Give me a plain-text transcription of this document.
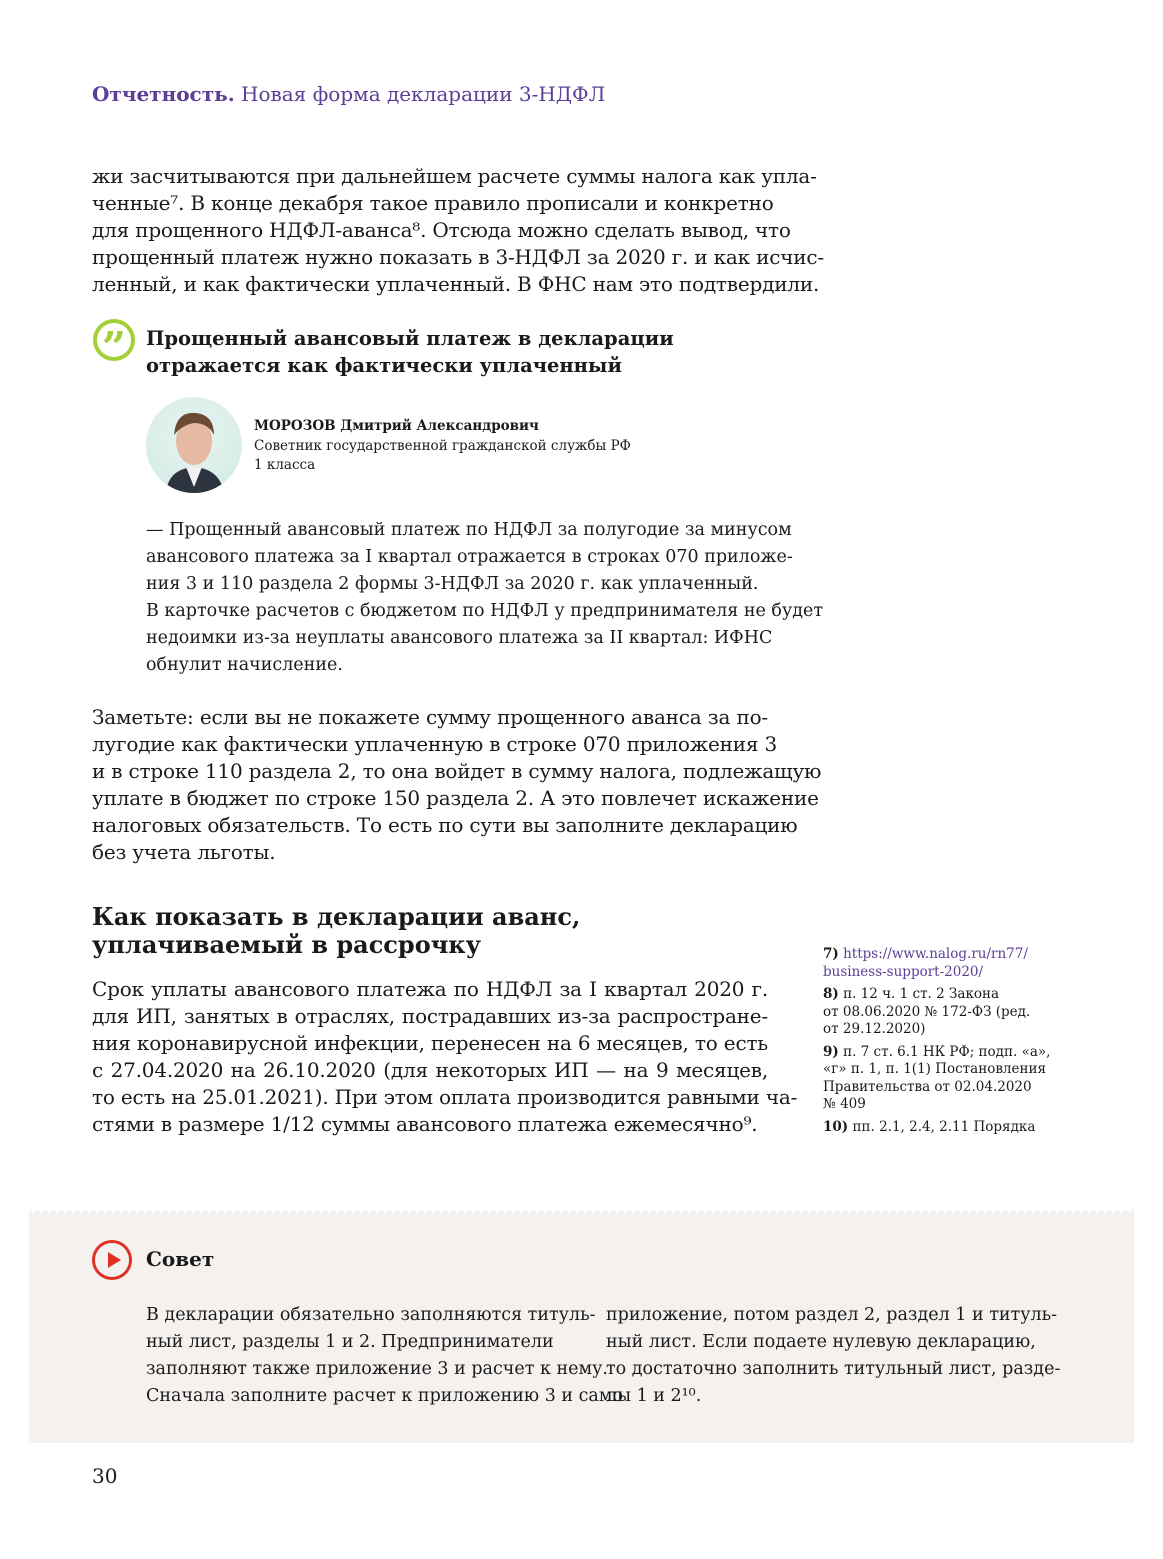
Отчетность. Новая форма декларации 3-НДФЛ
жи засчитываются при дальнейшем расчете суммы налога как упла-
ченные⁷. В конце декабря такое правило прописали и конкретно
для прощенного НДФЛ-аванса⁸. Отсюда можно сделать вывод, что
прощенный платеж нужно показать в 3-НДФЛ за 2020 г. и как исчис-
ленный, и как фактически уплаченный. В ФНС нам это подтвердили.
”	Прощенный авансовый платеж в декларации
отражается как фактически уплаченный
МОРОЗОВ Дмитрий Александрович
Советник государственной гражданской службы РФ
1 класса
— Прощенный авансовый платеж по НДФЛ за полугодие за минусом
авансового платежа за I квартал отражается в строках 070 приложе-
ния 3 и 110 раздела 2 формы 3-НДФЛ за 2020 г. как уплаченный.
В карточке расчетов с бюджетом по НДФЛ у предпринимателя не будет
недоимки из-за неуплаты авансового платежа за II квартал: ИФНС
обнулит начисление.
Заметьте: если вы не покажете сумму прощенного аванса за по-
лугодие как фактически уплаченную в строке 070 приложения 3
и в строке 110 раздела 2, то она войдет в сумму налога, подлежащую
уплате в бюджет по строке 150 раздела 2. А это повлечет искажение
налоговых обязательств. То есть по сути вы заполните декларацию
без учета льготы.
Как показать в декларации аванс,
уплачиваемый в рассрочку
Срок уплаты авансового платежа по НДФЛ за I квартал 2020 г.
для ИП, занятых в отраслях, пострадавших из-за распростране-
ния коронавирусной инфекции, перенесен на 6 месяцев, то есть
с 27.04.2020 на 26.10.2020 (для некоторых ИП — на 9 месяцев,
то есть на 25.01.2021). При этом оплата производится равными ча-
стями в размере 1/12 суммы авансового платежа ежемесячно⁹.
7) https://www.nalog.ru/rn77/
business-support-2020/
8) п. 12 ч. 1 ст. 2 Закона
от 08.06.2020 № 172-ФЗ (ред.
от 29.12.2020)
9) п. 7 ст. 6.1 НК РФ; подп. «а»,
«г» п. 1, п. 1(1) Постановления
Правительства от 02.04.2020
№ 409
10) пп. 2.1, 2.4, 2.11 Порядка
Совет
В декларации обязательно заполняются титуль-
ный лист, разделы 1 и 2. Предприниматели
заполняют также приложение 3 и расчет к нему.
Сначала заполните расчет к приложению 3 и само
приложение, потом раздел 2, раздел 1 и титуль-
ный лист. Если подаете нулевую декларацию,
то достаточно заполнить титульный лист, разде-
лы 1 и 2¹⁰.
30
